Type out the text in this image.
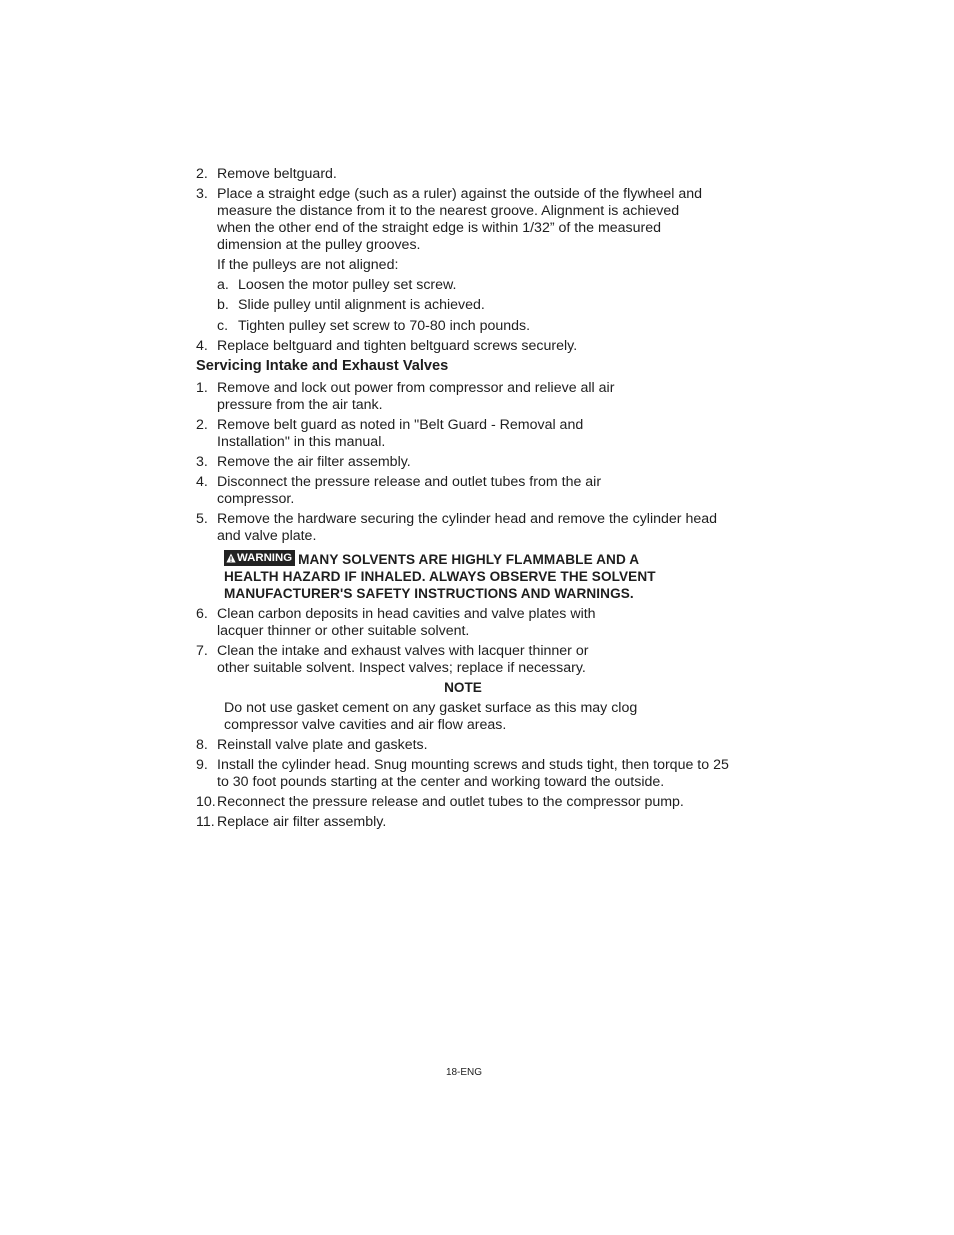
2. Remove beltguard.
3. Place a straight edge (such as a ruler) against the outside of the flywheel and measure the distance from it to the nearest groove. Alignment is achieved when the other end of the straight edge is within 1/32” of the measured dimension at the pulley grooves.
If the pulleys are not aligned:
a. Loosen the motor pulley set screw.
b. Slide pulley until alignment is achieved.
c. Tighten pulley set screw to 70-80 inch pounds.
4. Replace beltguard and tighten beltguard screws securely.
Servicing Intake and Exhaust Valves
1. Remove and lock out power from compressor and relieve all air pressure from the air tank.
2. Remove belt guard as noted in "Belt Guard - Removal and Installation" in this manual.
3. Remove the air filter assembly.
4. Disconnect the pressure release and outlet tubes from the air compressor.
5. Remove the hardware securing the cylinder head and remove the cylinder head and valve plate.
WARNING MANY SOLVENTS ARE HIGHLY FLAMMABLE AND A HEALTH HAZARD IF INHALED. ALWAYS OBSERVE THE SOLVENT MANUFACTURER'S SAFETY INSTRUCTIONS AND WARNINGS.
6. Clean carbon deposits in head cavities and valve plates with lacquer thinner or other suitable solvent.
7. Clean the intake and exhaust valves with lacquer thinner or other suitable solvent. Inspect valves; replace if necessary.
NOTE
Do not use gasket cement on any gasket surface as this may clog compressor valve cavities and air flow areas.
8. Reinstall valve plate and gaskets.
9. Install the cylinder head. Snug mounting screws and studs tight, then torque to 25 to 30 foot pounds starting at the center and working toward the outside.
10. Reconnect the pressure release and outlet tubes to the compressor pump.
11. Replace air filter assembly.
18-ENG
